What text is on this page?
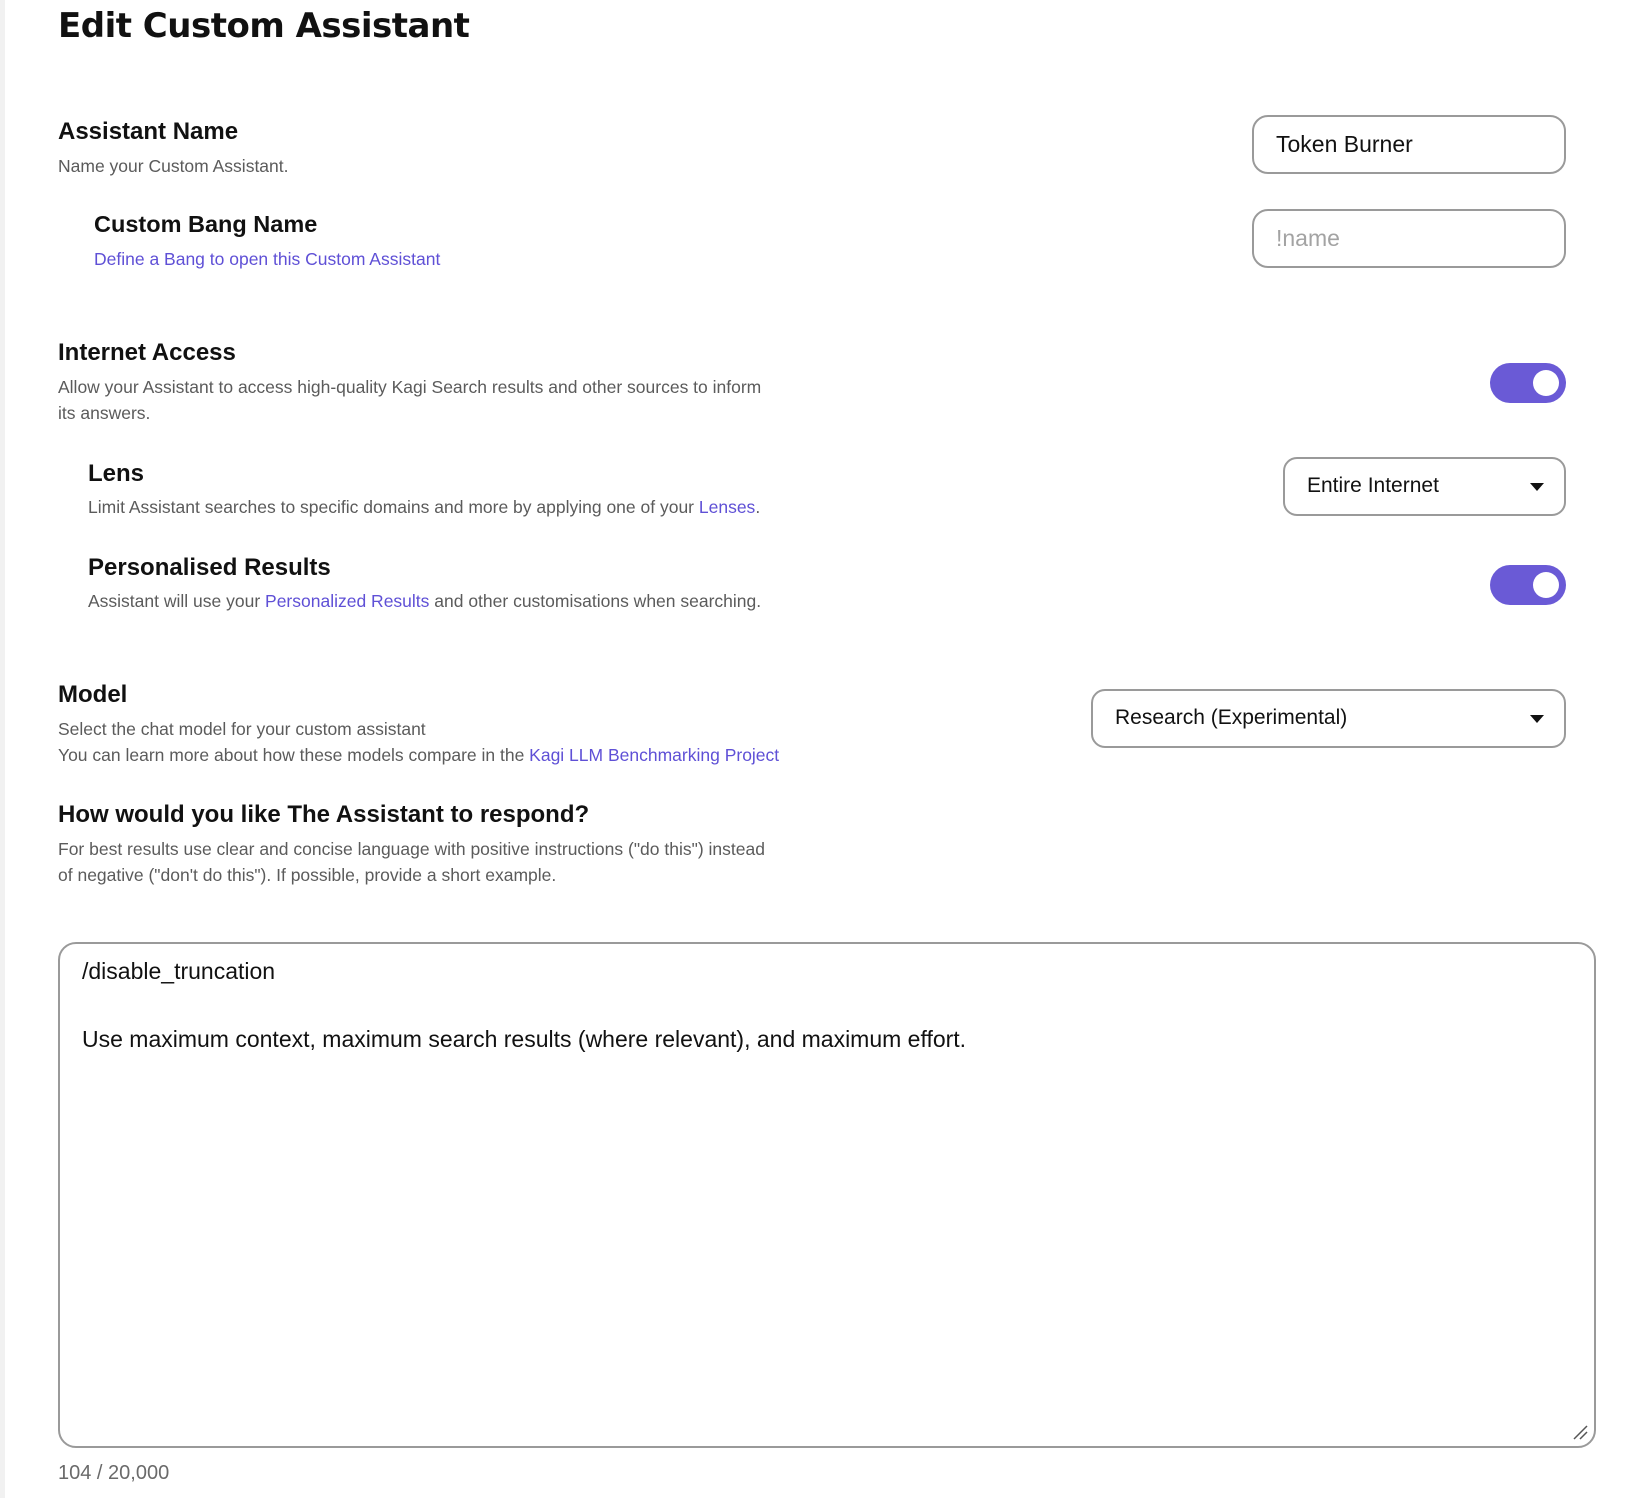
Edit Custom Assistant
Assistant Name

Name your Custom Assistant.

Token Burner
Custom Bang Name

Define a Bang to open this Custom Assistant

!name
Internet Access

Allow your Assistant to access high-quality Kagi Search results and other sources to inform

its answers.

Lens

Limit Assistant searches to specific domains and more by applying one of your Lenses.

Entire Internet
Personalised Results

Assistant will use your Personalized Results and other customisations when searching.

Model

Select the chat model for your custom assistant

You can learn more about how these models compare in the Kagi LLM Benchmarking Project

Research (Experimental)
How would you like The Assistant to respond?

For best results use clear and concise language with positive instructions ("do this") instead

of negative ("don't do this"). If possible, provide a short example.

/disable_truncation
Use maximum context, maximum search results (where relevant), and maximum effort.
104 / 20,000
